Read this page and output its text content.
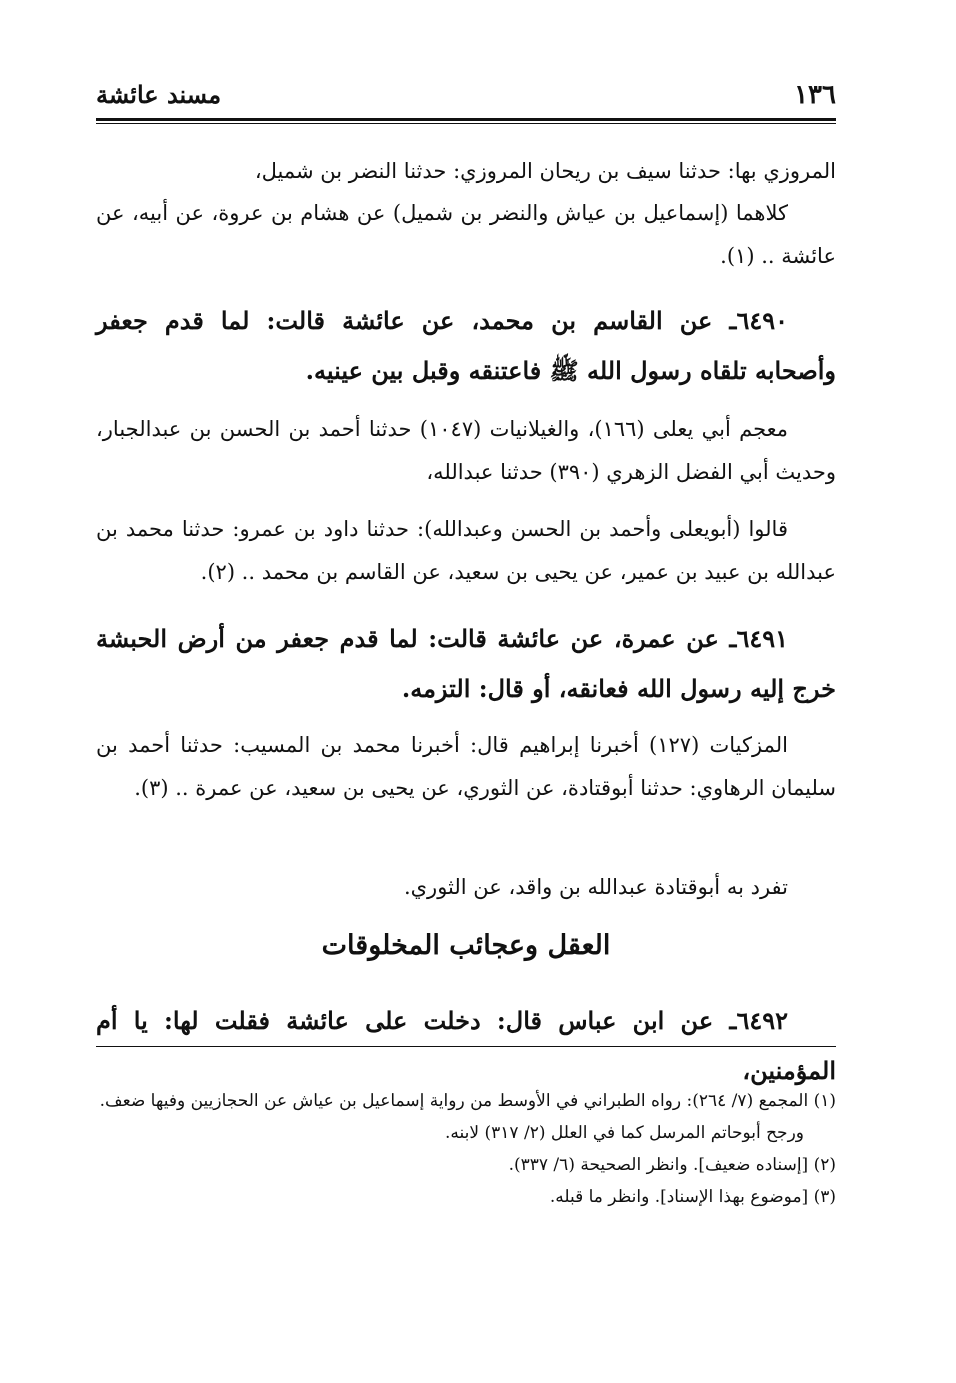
١٣٦
مسند عائشة

المروزي بها: حدثنا سيف بن ريحان المروزي: حدثنا النضر بن شميل،

كلاهما (إسماعيل بن عياش والنضر بن شميل) عن هشام بن عروة، عن أبيه، عن عائشة .. (١).

٦٤٩٠ـ عن القاسم بن محمد، عن عائشة قالت: لما قدم جعفر وأصحابه تلقاه رسول الله ﷺ فاعتنقه وقبل بين عينيه.

معجم أبي يعلى (١٦٦)، والغيلانيات (١٠٤٧) حدثنا أحمد بن الحسن بن عبدالجبار، وحديث أبي الفضل الزهري (٣٩٠) حدثنا عبدالله،

قالوا (أبويعلى وأحمد بن الحسن وعبدالله): حدثنا داود بن عمرو: حدثنا محمد بن عبدالله بن عبيد بن عمير، عن يحيى بن سعيد، عن القاسم بن محمد .. (٢).

٦٤٩١ـ عن عمرة، عن عائشة قالت: لما قدم جعفر من أرض الحبشة خرج إليه رسول الله فعانقه، أو قال: التزمه.

المزكيات (١٢٧) أخبرنا إبراهيم قال: أخبرنا محمد بن المسيب: حدثنا أحمد بن سليمان الرهاوي: حدثنا أبوقتادة، عن الثوري، عن يحيى بن سعيد، عن عمرة .. (٣).

تفرد به أبوقتادة عبدالله بن واقد، عن الثوري.

العقل وعجائب المخلوقات

٦٤٩٢ـ عن ابن عباس قال: دخلت على عائشة فقلت لها: يا أم المؤمنين،

(١) المجمع (٧/ ٢٦٤): رواه الطبراني في الأوسط من رواية إسماعيل بن عياش عن الحجازيين وفيها ضعف.

ورجح أبوحاتم المرسل كما في العلل (٢/ ٣١٧) لابنه.

(٢) [إسناده ضعيف]. وانظر الصحيحة (٦/ ٣٣٧).

(٣) [موضوع بهذا الإسناد]. وانظر ما قبله.
